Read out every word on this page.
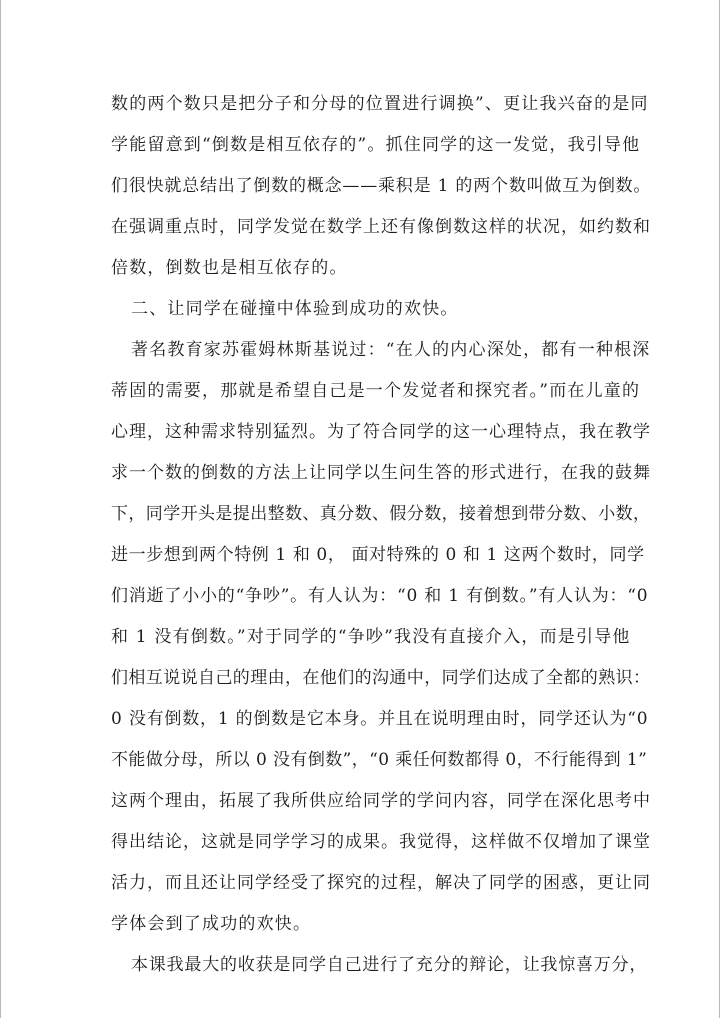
数的两个数只是把分子和分母的位置进行调换”、更让我兴奋的是同

学能留意到“倒数是相互依存的”。抓住同学的这一发觉，我引导他

们很快就总结出了倒数的概念——乘积是 1 的两个数叫做互为倒数。

在强调重点时，同学发觉在数学上还有像倒数这样的状况，如约数和

倍数，倒数也是相互依存的。

二、让同学在碰撞中体验到成功的欢快。

著名教育家苏霍姆林斯基说过：“在人的内心深处，都有一种根深

蒂固的需要，那就是希望自己是一个发觉者和探究者。”而在儿童的

心理，这种需求特别猛烈。为了符合同学的这一心理特点，我在教学

求一个数的倒数的方法上让同学以生问生答的形式进行，在我的鼓舞

下，同学开头是提出整数、真分数、假分数，接着想到带分数、小数，

进一步想到两个特例 1 和 0， 面对特殊的 0 和 1 这两个数时，同学

们消逝了小小的“争吵”。有人认为：“0 和 1 有倒数。”有人认为：“0

和 1 没有倒数。”对于同学的“争吵”我没有直接介入，而是引导他

们相互说说自己的理由，在他们的沟通中，同学们达成了全都的熟识：

0 没有倒数，1 的倒数是它本身。并且在说明理由时，同学还认为“0

不能做分母，所以 0 没有倒数”，“0 乘任何数都得 0，不行能得到 1”

这两个理由，拓展了我所供应给同学的学问内容，同学在深化思考中

得出结论，这就是同学学习的成果。我觉得，这样做不仅增加了课堂

活力，而且还让同学经受了探究的过程，解决了同学的困惑，更让同

学体会到了成功的欢快。

本课我最大的收获是同学自己进行了充分的辩论，让我惊喜万分，
